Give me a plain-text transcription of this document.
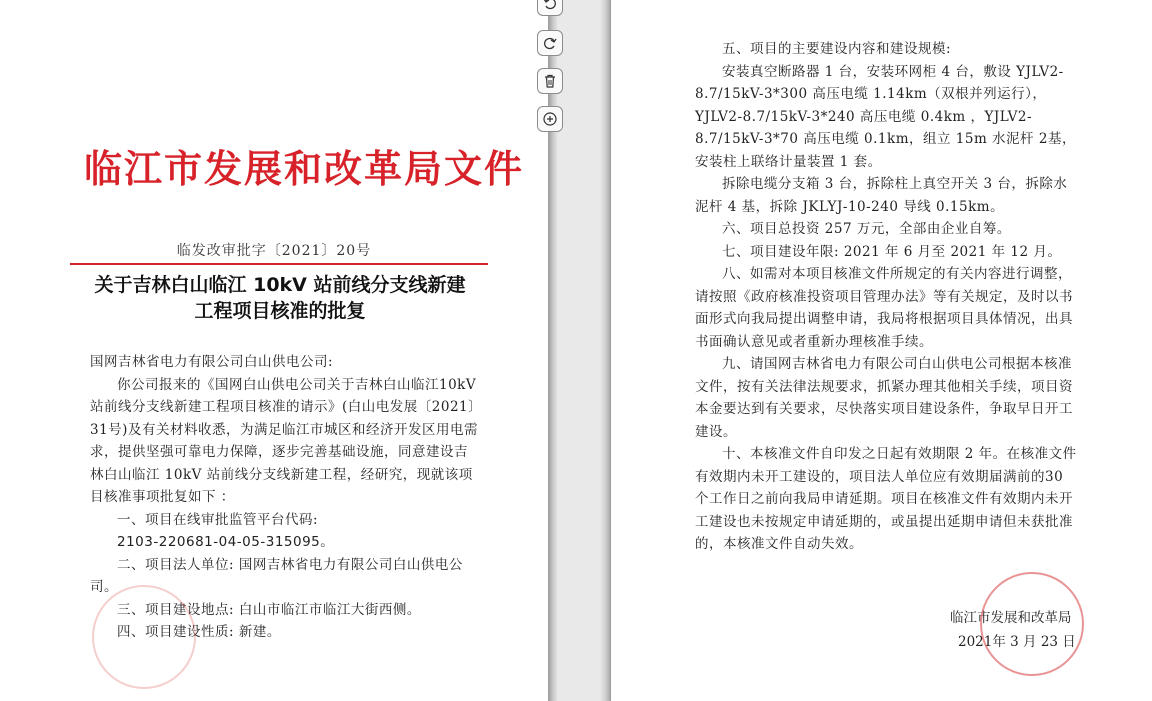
临江市发展和改革局文件
临发改审批字〔2021〕20号
关于吉林白山临江 10kV 站前线分支线新建
工程项目核准的批复

国网吉林省电力有限公司白山供电公司:

你公司报来的《国网白山供电公司关于吉林白山临江10kV 站前线分支线新建工程项目核准的请示》(白山电发展〔2021〕31号)及有关材料收悉，为满足临江市城区和经济开发区用电需求，提供坚强可靠电力保障，逐步完善基础设施，同意建设吉林白山临江 10kV 站前线分支线新建工程，经研究，现就该项目核准事项批复如下 ：

一、项目在线审批监管平台代码:

2103-220681-04-05-315095。

二、项目法人单位: 国网吉林省电力有限公司白山供电公司。

三、项目建设地点: 白山市临江市临江大街西侧。

四、项目建设性质: 新建。

五、项目的主要建设内容和建设规模:

安装真空断路器 1 台，安装环网柜 4 台，敷设 YJLV2-8.7/15kV-3*300 高压电缆 1.14km（双根并列运行），YJLV2-8.7/15kV-3*240 高压电缆 0.4km ，YJLV2-8.7/15kV-3*70 高压电缆 0.1km，组立 15m 水泥杆 2基，安装柱上联络计量装置 1 套。

拆除电缆分支箱 3 台，拆除柱上真空开关 3 台，拆除水泥杆 4 基，拆除 JKLYJ-10-240 导线 0.15km。

六、项目总投资 257 万元，全部由企业自筹。

七、项目建设年限: 2021 年 6 月至 2021 年 12 月。

八、如需对本项目核准文件所规定的有关内容进行调整，请按照《政府核准投资项目管理办法》等有关规定，及时以书面形式向我局提出调整申请，我局将根据项目具体情况，出具书面确认意见或者重新办理核准手续。

九、请国网吉林省电力有限公司白山供电公司根据本核准文件，按有关法律法规要求，抓紧办理其他相关手续，项目资本金要达到有关要求，尽快落实项目建设条件，争取早日开工建设。

十、本核准文件自印发之日起有效期限 2 年。在核准文件有效期内未开工建设的，项目法人单位应有效期届满前的30 个工作日之前向我局申请延期。项目在核准文件有效期内未开工建设也未按规定申请延期的，或虽提出延期申请但未获批准的，本核准文件自动失效。

临江市发展和改革局
2021年 3 月 23 日
